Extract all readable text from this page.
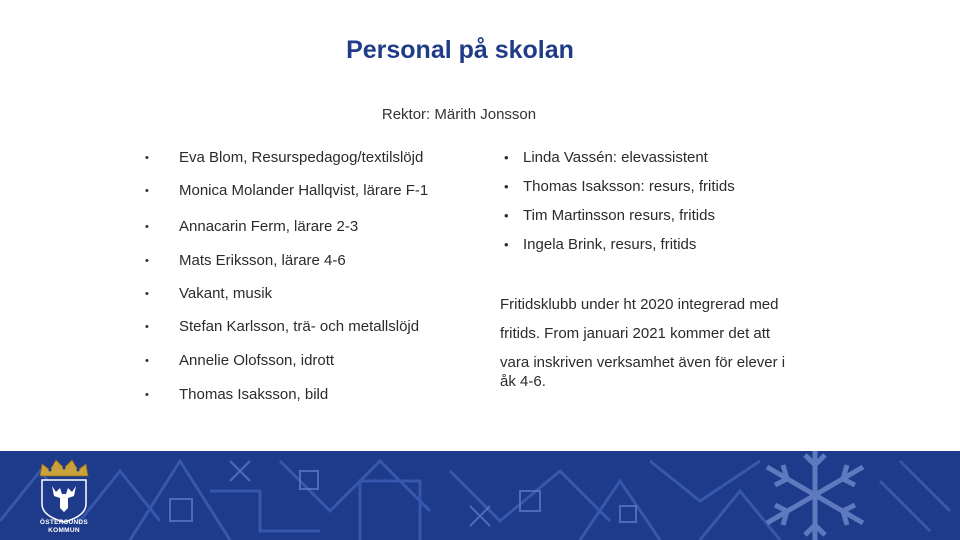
Personal på skolan
Rektor: Märith Jonsson
• Eva Blom, Resurspedagog/textilslöjd
• Monica Molander Hallqvist, lärare F-1
• Annacarin Ferm, lärare 2-3
• Mats Eriksson, lärare 4-6
• Vakant, musik
• Stefan Karlsson, trä- och metallslöjd
• Annelie Olofsson, idrott
• Thomas Isaksson, bild
• Linda Vassén: elevassistent
• Thomas Isaksson: resurs, fritids
• Tim Martinsson resurs, fritids
• Ingela Brink, resurs, fritids
Fritidsklubb under ht 2020 integrerad med
fritids. From januari 2021 kommer det att
vara inskriven verksamhet även för elever i
åk 4-6.
ÖSTERSUNDS
KOMMUN
